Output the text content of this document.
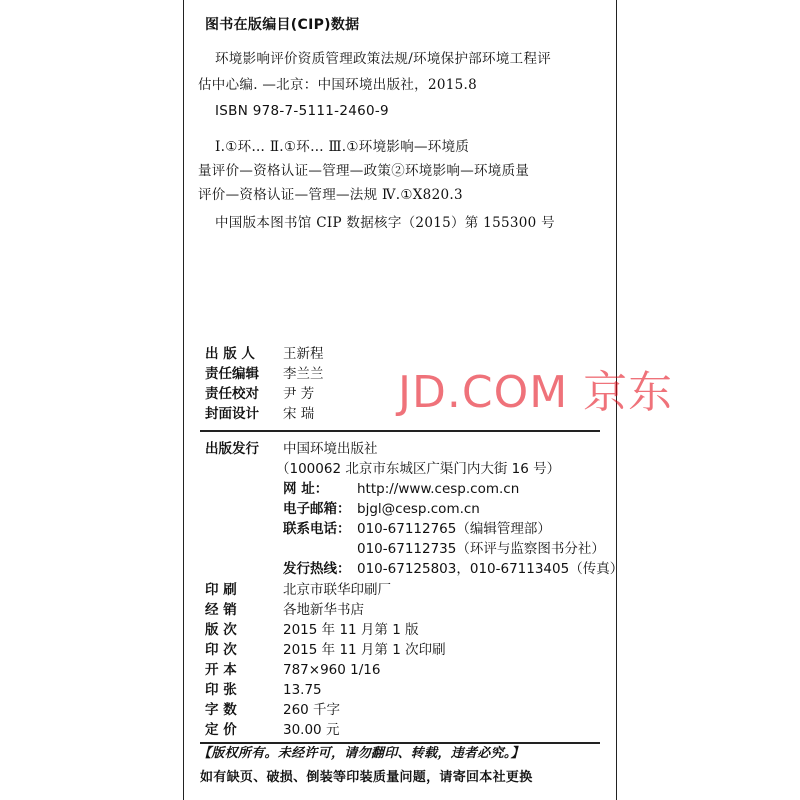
图书在版编目(CIP)数据
环境影响评价资质管理政策法规/环境保护部环境工程评
估中心编. —北京：中国环境出版社，2015.8
ISBN 978-7-5111-2460-9
Ⅰ.①环… Ⅱ.①环… Ⅲ.①环境影响—环境质
量评价—资格认证—管理—政策②环境影响—环境质量
评价—资格认证—管理—法规 Ⅳ.①X820.3
中国版本图书馆 CIP 数据核字（2015）第 155300 号
出 版 人 王新程
责任编辑 李兰兰
责任校对 尹 芳
封面设计 宋 瑞 JD.COM 京东
出版发行 中国环境出版社
（100062 北京市东城区广渠门内大街 16 号）
网 址： http://www.cesp.com.cn
电子邮箱： bjgl@cesp.com.cn
联系电话： 010-67112765（编辑管理部）
010-67112735（环评与监察图书分社）
发行热线： 010-67125803，010-67113405（传真）
印 刷	北京市联华印刷厂
经 销	各地新华书店
版 次	2015 年 11 月第 1 版
印 次	2015 年 11 月第 1 次印刷
开 本	787×960 1/16
印 张	13.75
字 数	260 千字
定 价	30.00 元
【版权所有。未经许可，请勿翻印、转载，违者必究。】
如有缺页、破损、倒装等印装质量问题，请寄回本社更换
